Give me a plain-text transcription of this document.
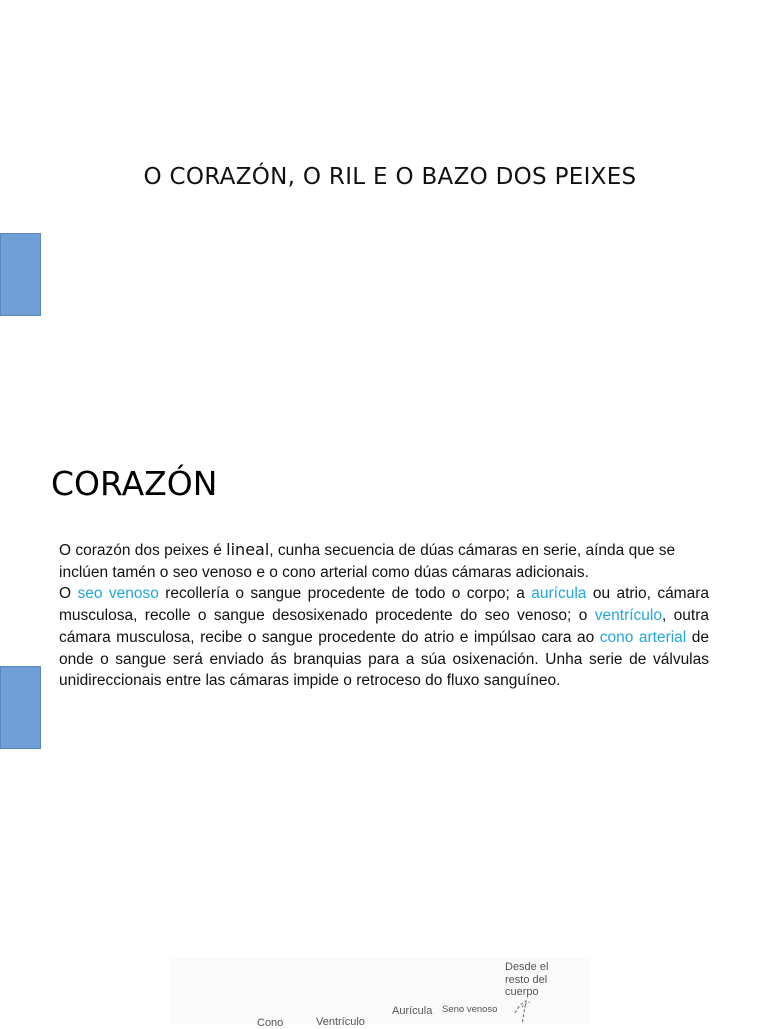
O CORAZÓN, O RIL E O BAZO DOS PEIXES
CORAZÓN

O corazón dos peixes é lineal, cunha secuencia de dúas cámaras en serie, aínda que se inclúen tamén o seo venoso e o cono arterial como dúas cámaras adicionais.

O seo venoso recollería o sangue procedente de todo o corpo; a aurícula ou atrio, cámara musculosa, recolle o sangue desosixenado procedente do seo venoso; o ventrículo, outra cámara musculosa, recibe o sangue procedente do atrio e impúlsao cara ao cono arterial de onde o sangue será enviado ás branquias para a súa osixenación. Unha serie de válvulas unidireccionais entre las cámaras impide o retroceso do fluxo sanguíneo.

Desde el
resto del
cuerpo
Aurícula Seno venoso
Ventrículo
Cono
